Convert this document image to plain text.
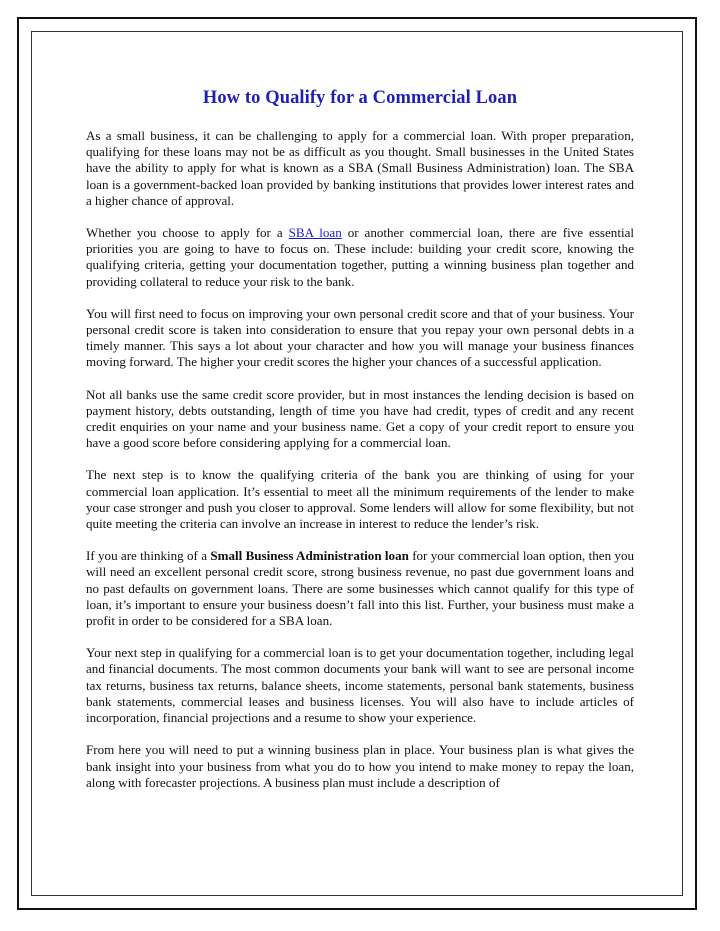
How to Qualify for a Commercial Loan

As a small business, it can be challenging to apply for a commercial loan. With proper preparation, qualifying for these loans may not be as difficult as you thought. Small businesses in the United States have the ability to apply for what is known as a SBA (Small Business Administration) loan. The SBA loan is a government-backed loan provided by banking institutions that provides lower interest rates and a higher chance of approval.

Whether you choose to apply for a SBA loan or another commercial loan, there are five essential priorities you are going to have to focus on. These include: building your credit score, knowing the qualifying criteria, getting your documentation together, putting a winning business plan together and providing collateral to reduce your risk to the bank.

You will first need to focus on improving your own personal credit score and that of your business. Your personal credit score is taken into consideration to ensure that you repay your own personal debts in a timely manner. This says a lot about your character and how you will manage your business finances moving forward. The higher your credit scores the higher your chances of a successful application.

Not all banks use the same credit score provider, but in most instances the lending decision is based on payment history, debts outstanding, length of time you have had credit, types of credit and any recent credit enquiries on your name and your business name. Get a copy of your credit report to ensure you have a good score before considering applying for a commercial loan.

The next step is to know the qualifying criteria of the bank you are thinking of using for your commercial loan application. It’s essential to meet all the minimum requirements of the lender to make your case stronger and push you closer to approval. Some lenders will allow for some flexibility, but not quite meeting the criteria can involve an increase in interest to reduce the lender’s risk.

If you are thinking of a Small Business Administration loan for your commercial loan option, then you will need an excellent personal credit score, strong business revenue, no past due government loans and no past defaults on government loans. There are some businesses which cannot qualify for this type of loan, it’s important to ensure your business doesn’t fall into this list. Further, your business must make a profit in order to be considered for a SBA loan.

Your next step in qualifying for a commercial loan is to get your documentation together, including legal and financial documents. The most common documents your bank will want to see are personal income tax returns, business tax returns, balance sheets, income statements, personal bank statements, business bank statements, commercial leases and business licenses. You will also have to include articles of incorporation, financial projections and a resume to show your experience.

From here you will need to put a winning business plan in place. Your business plan is what gives the bank insight into your business from what you do to how you intend to make money to repay the loan, along with forecaster projections. A business plan must include a description of
